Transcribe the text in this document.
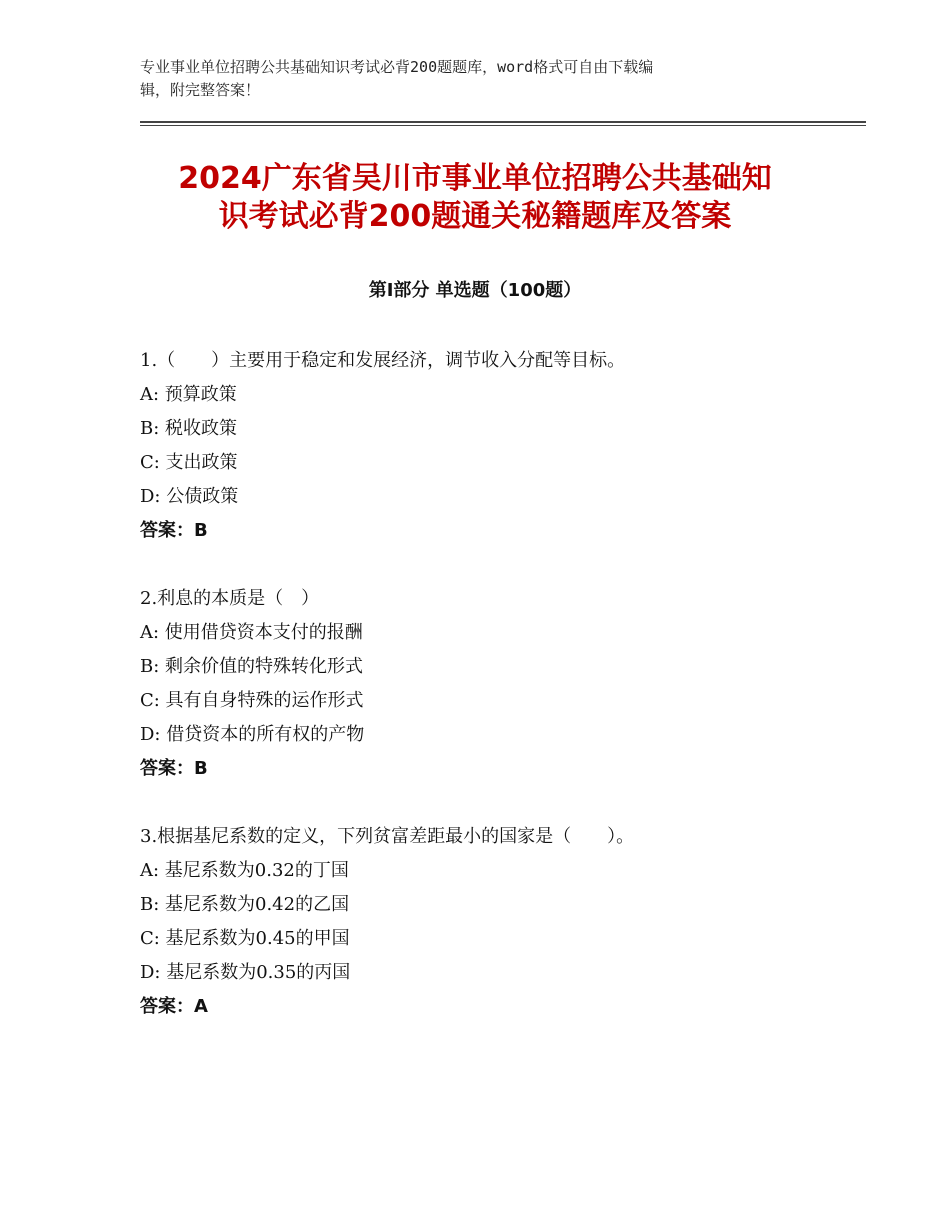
专业事业单位招聘公共基础知识考试必背200题题库，word格式可自由下载编
辑，附完整答案！
2024广东省吴川市事业单位招聘公共基础知
识考试必背200题通关秘籍题库及答案
第Ⅰ部分 单选题（100题）
1.（　　）主要用于稳定和发展经济，调节收入分配等目标。
A: 预算政策
B: 税收政策
C: 支出政策
D: 公债政策
答案：B
2.利息的本质是（　）
A: 使用借贷资本支付的报酬
B: 剩余价值的特殊转化形式
C: 具有自身特殊的运作形式
D: 借贷资本的所有权的产物
答案：B
3.根据基尼系数的定义，下列贫富差距最小的国家是（　　）。
A: 基尼系数为0.32的丁国
B: 基尼系数为0.42的乙国
C: 基尼系数为0.45的甲国
D: 基尼系数为0.35的丙国
答案：A
